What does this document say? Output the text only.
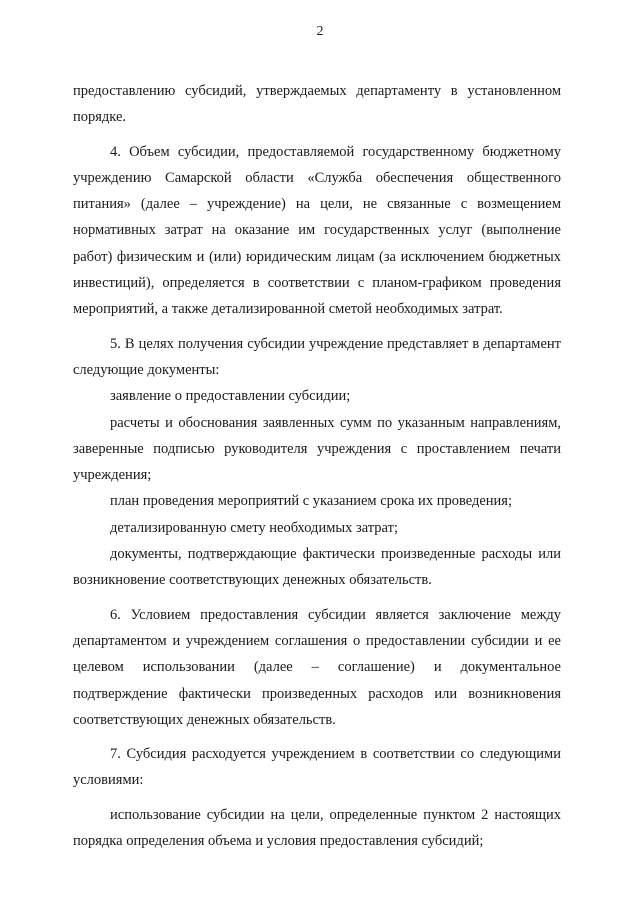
2

предоставлению субсидий, утверждаемых департаменту в установленном порядке.

4. Объем субсидии, предоставляемой государственному бюджетному учреждению Самарской области «Служба обеспечения общественного питания» (далее – учреждение) на цели, не связанные с возмещением нормативных затрат на оказание им государственных услуг (выполнение работ) физическим и (или) юридическим лицам (за исключением бюджетных инвестиций), определяется в соответствии с планом-графиком проведения мероприятий, а также детализированной сметой необходимых затрат.

5. В целях получения субсидии учреждение представляет в департамент следующие документы:

заявление о предоставлении субсидии;

расчеты и обоснования заявленных сумм по указанным направлениям, заверенные подписью руководителя учреждения с проставлением печати учреждения;

план проведения мероприятий с указанием срока их проведения;

детализированную смету необходимых затрат;

документы, подтверждающие фактически произведенные расходы или возникновение соответствующих денежных обязательств.

6. Условием предоставления субсидии является заключение между департаментом и учреждением соглашения о предоставлении субсидии и ее целевом использовании (далее – соглашение) и документальное подтверждение фактически произведенных расходов или возникновения соответствующих денежных обязательств.

7. Субсидия расходуется учреждением в соответствии со следующими условиями:

использование субсидии на цели, определенные пунктом 2 настоящих порядка определения объема и условия предоставления субсидий;
